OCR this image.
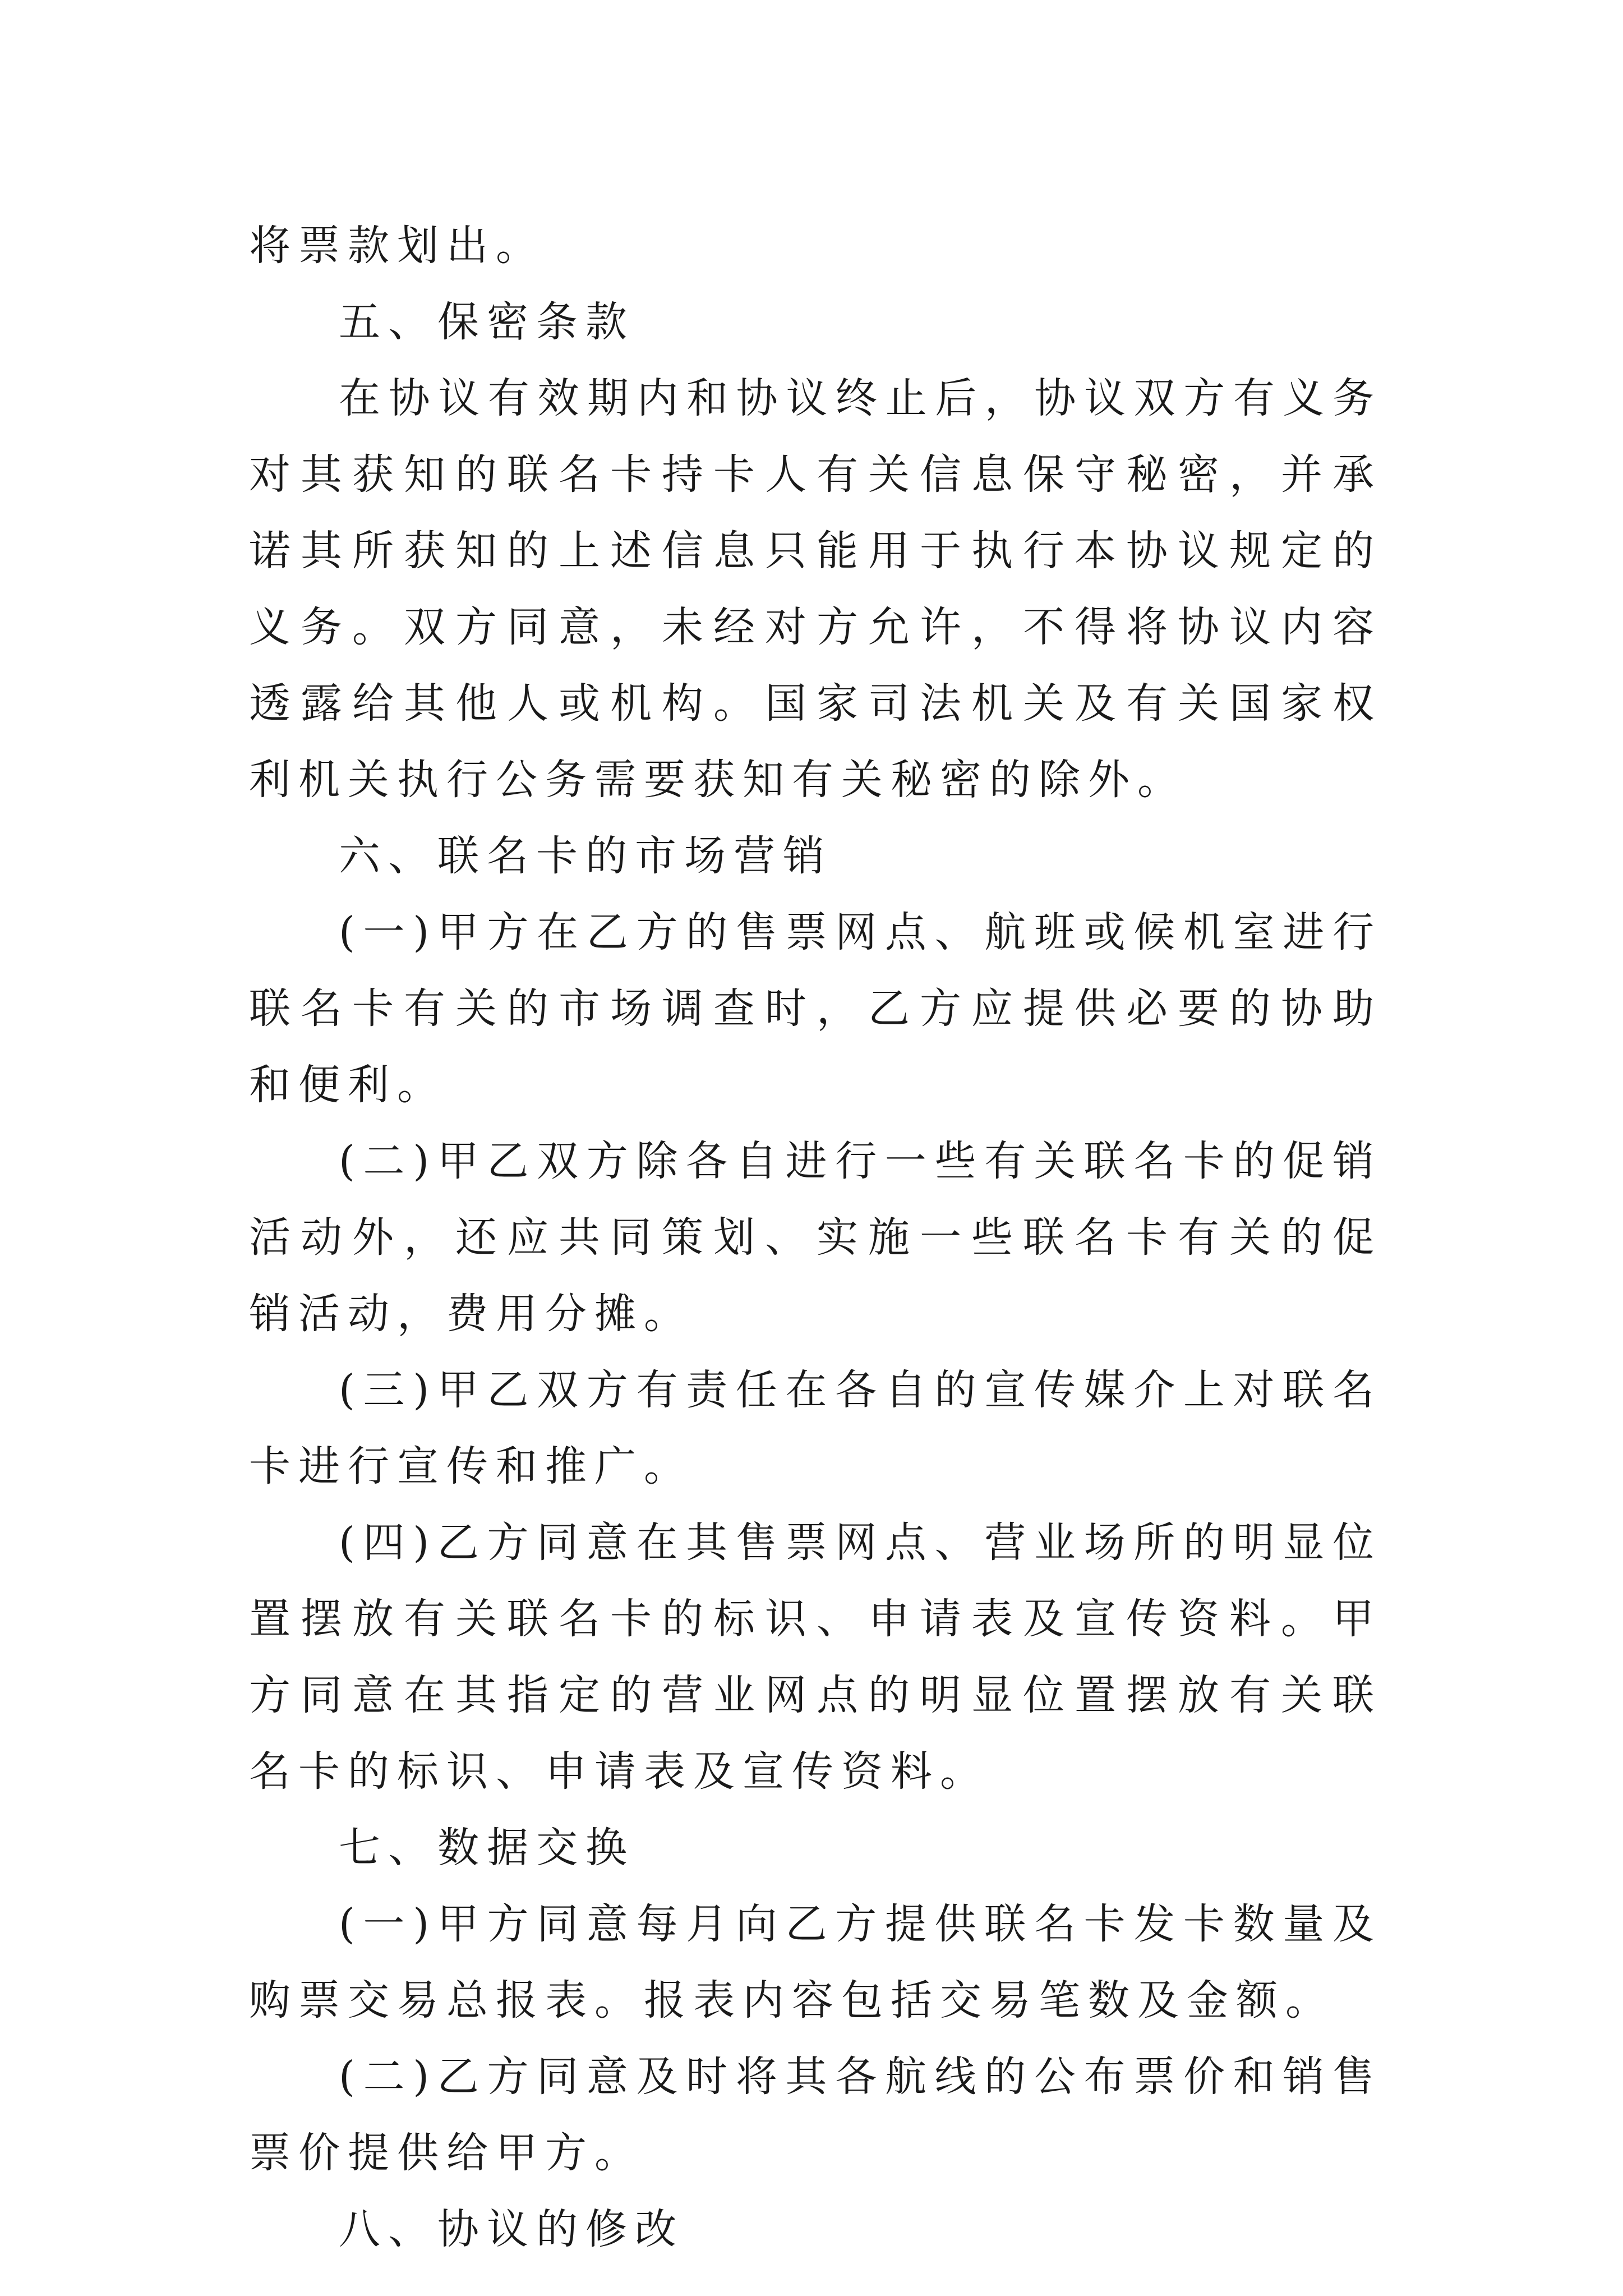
将票款划出。

五、保密条款

在协议有效期内和协议终止后，协议双方有义务对其获知的联名卡持卡人有关信息保守秘密，并承诺其所获知的上述信息只能用于执行本协议规定的义务。双方同意，未经对方允许，不得将协议内容透露给其他人或机构。国家司法机关及有关国家权利机关执行公务需要获知有关秘密的除外。

六、联名卡的市场营销

(一)甲方在乙方的售票网点、航班或候机室进行联名卡有关的市场调查时，乙方应提供必要的协助和便利。

(二)甲乙双方除各自进行一些有关联名卡的促销活动外，还应共同策划、实施一些联名卡有关的促销活动，费用分摊。

(三)甲乙双方有责任在各自的宣传媒介上对联名卡进行宣传和推广。

(四)乙方同意在其售票网点、营业场所的明显位置摆放有关联名卡的标识、申请表及宣传资料。甲方同意在其指定的营业网点的明显位置摆放有关联名卡的标识、申请表及宣传资料。

七、数据交换

(一)甲方同意每月向乙方提供联名卡发卡数量及购票交易总报表。报表内容包括交易笔数及金额。

(二)乙方同意及时将其各航线的公布票价和销售票价提供给甲方。

八、协议的修改
